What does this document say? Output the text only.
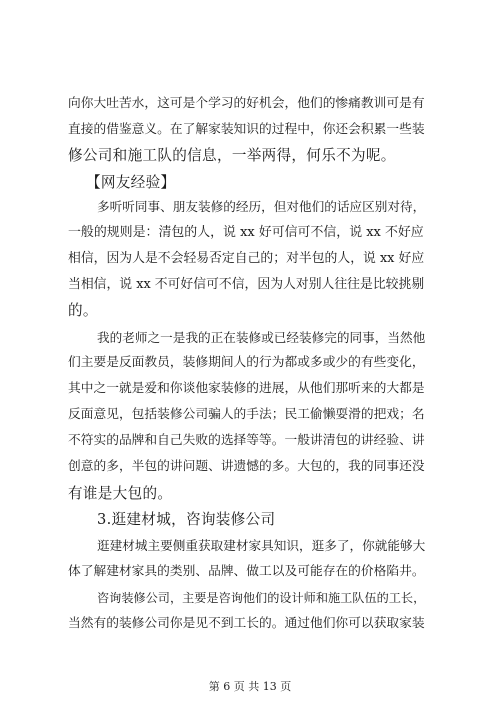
向你大吐苦水，这可是个学习的好机会，他们的惨痛教训可是有
直接的借鉴意义。在了解家装知识的过程中，你还会积累一些装
修公司和施工队的信息，一举两得，何乐不为呢。
【网友经验】
多听听同事、朋友装修的经历，但对他们的话应区别对待，
一般的规则是：清包的人，说 xx 好可信可不信，说 xx 不好应
相信，因为人是不会轻易否定自己的；对半包的人，说 xx 好应
当相信，说 xx 不可好信可不信，因为人对别人往往是比较挑剔
的。
我的老师之一是我的正在装修或已经装修完的同事，当然他
们主要是反面教员，装修期间人的行为都或多或少的有些变化，
其中之一就是爱和你谈他家装修的进展，从他们那听来的大都是
反面意见，包括装修公司骗人的手法；民工偷懒耍滑的把戏；名
不符实的品牌和自己失败的选择等等。一般讲清包的讲经验、讲
创意的多，半包的讲问题、讲遗憾的多。大包的，我的同事还没
有谁是大包的。
3.逛建材城，咨询装修公司
逛建材城主要侧重获取建材家具知识，逛多了，你就能够大
体了解建材家具的类别、品牌、做工以及可能存在的价格陷井。
咨询装修公司，主要是咨询他们的设计师和施工队伍的工长，
当然有的装修公司你是见不到工长的。通过他们你可以获取家装
第 6 页 共 13 页
